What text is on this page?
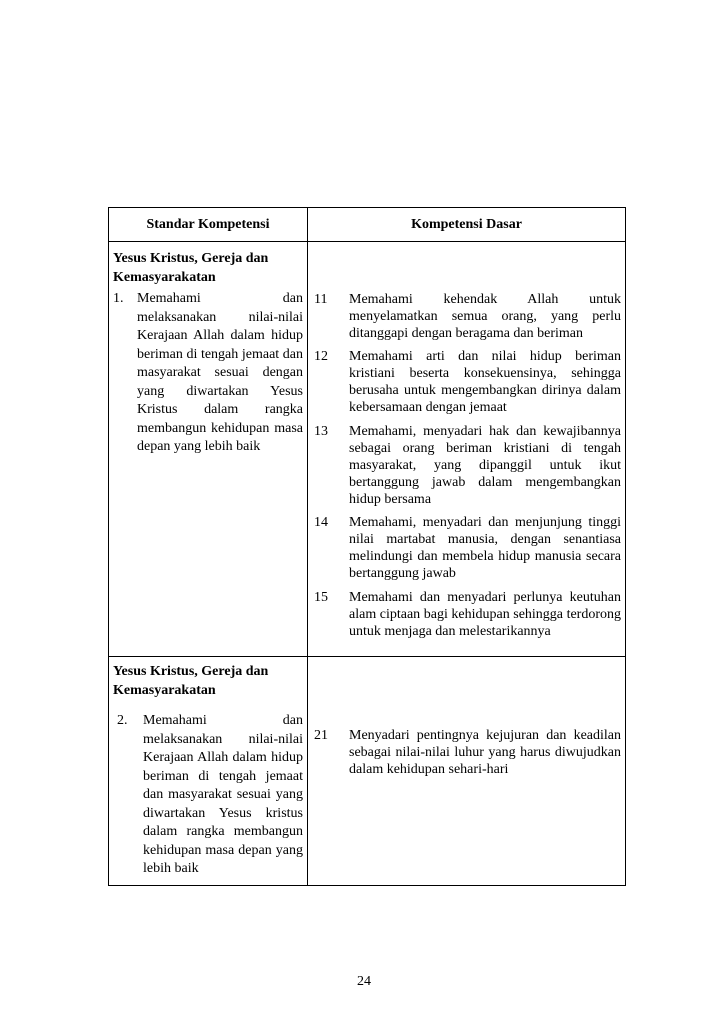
Standar Kompetensi	Kompetensi Dasar
Yesus Kristus, Gereja dan
Kemasyarakatan
1. Memahami dan melaksanakan nilai-nilai Kerajaan Allah dalam hidup beriman di tengah jemaat dan masyarakat sesuai dengan yang diwartakan Yesus Kristus dalam rangka membangun kehidupan masa depan yang lebih baik
11 Memahami kehendak Allah untuk menyelamatkan semua orang, yang perlu ditanggapi dengan beragama dan beriman
12 Memahami arti dan nilai hidup beriman kristiani beserta konsekuensinya, sehingga berusaha untuk mengembangkan dirinya dalam kebersamaan dengan jemaat
13 Memahami, menyadari hak dan kewajibannya sebagai orang beriman kristiani di tengah masyarakat, yang dipanggil untuk ikut bertanggung jawab dalam mengembangkan hidup bersama
14 Memahami, menyadari dan menjunjung tinggi nilai martabat manusia, dengan senantiasa melindungi dan membela hidup manusia secara bertanggung jawab
15 Memahami dan menyadari perlunya keutuhan alam ciptaan bagi kehidupan sehingga terdorong untuk menjaga dan melestarikannya
Yesus Kristus, Gereja dan
Kemasyarakatan
2. Memahami dan melaksanakan nilai-nilai Kerajaan Allah dalam hidup beriman di tengah jemaat dan masyarakat sesuai yang diwartakan Yesus kristus dalam rangka membangun kehidupan masa depan yang lebih baik
21 Menyadari pentingnya kejujuran dan keadilan sebagai nilai-nilai luhur yang harus diwujudkan dalam kehidupan sehari-hari
24
